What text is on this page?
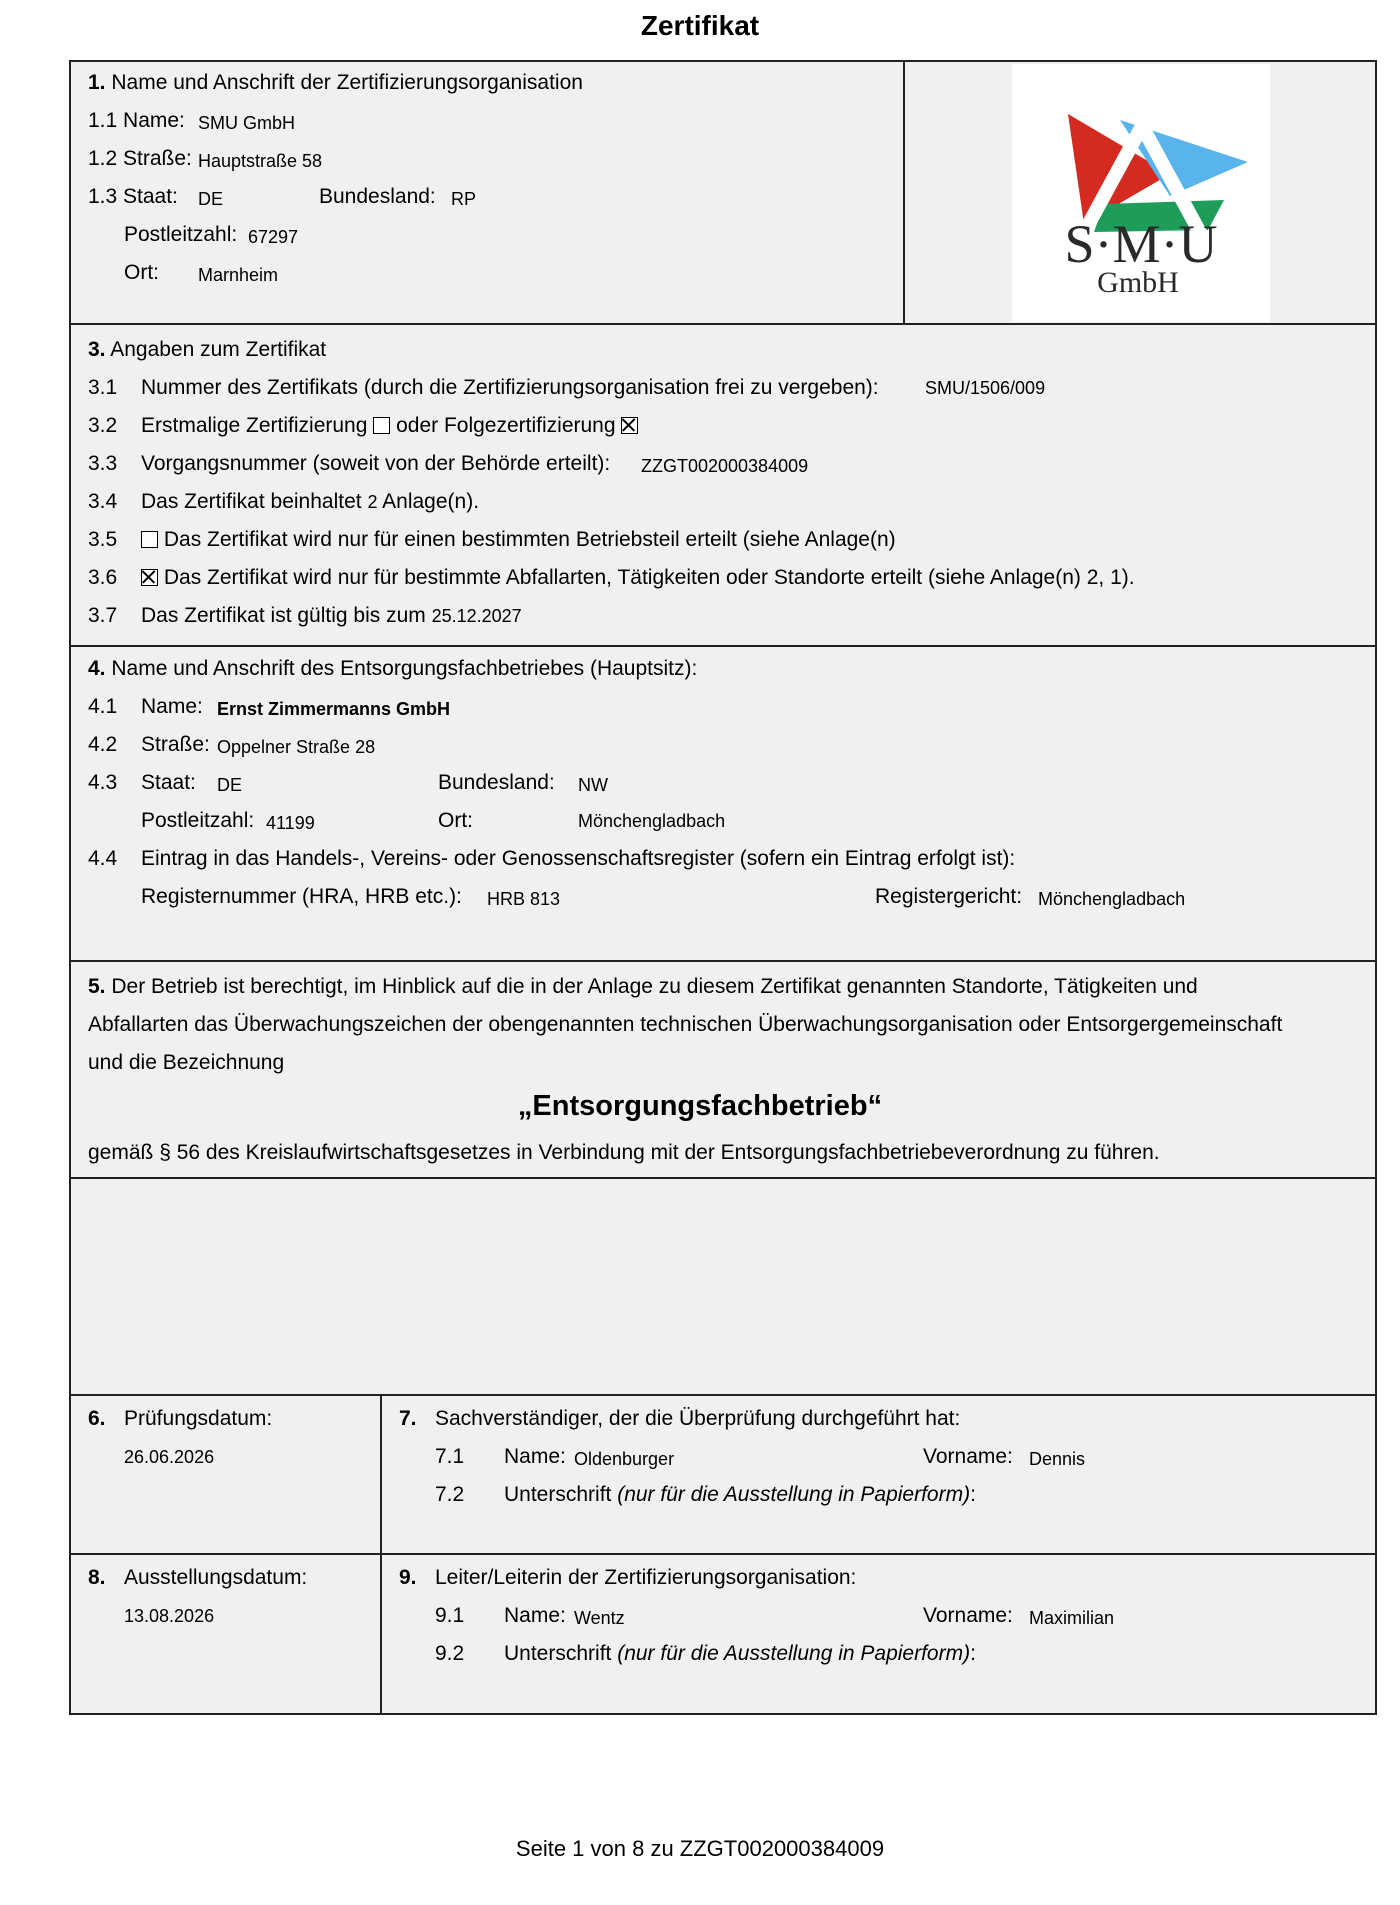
Zertifikat
1. Name und Anschrift der Zertifizierungsorganisation
1.1 Name: SMU GmbH
1.2 Straße: Hauptstraße 58
1.3 Staat: DE	Bundesland: RP
Postleitzahl: 67297
Ort: Marnheim
S·M·U
GmbH
3. Angaben zum Zertifikat
3.1 Nummer des Zertifikats (durch die Zertifizierungsorganisation frei zu vergeben):	SMU/1506/009
3.2 Erstmalige Zertifizierung oder Folgezertifizierung
3.3 Vorgangsnummer (soweit von der Behörde erteilt): ZZGT002000384009
3.4 Das Zertifikat beinhaltet 2 Anlage(n).
3.5	Das Zertifikat wird nur für einen bestimmten Betriebsteil erteilt (siehe Anlage(n)
3.6	Das Zertifikat wird nur für bestimmte Abfallarten, Tätigkeiten oder Standorte erteilt (siehe Anlage(n) 2, 1).
3.7 Das Zertifikat ist gültig bis zum 25.12.2027
4. Name und Anschrift des Entsorgungsfachbetriebes (Hauptsitz):
4.1 Name: Ernst Zimmermanns GmbH
4.2 Straße: Oppelner Straße 28
4.3 Staat: DE	Bundesland: NW
Postleitzahl: 41199	Ort:	Mönchengladbach
4.4 Eintrag in das Handels-, Vereins- oder Genossenschaftsregister (sofern ein Eintrag erfolgt ist):
Registernummer (HRA, HRB etc.): HRB 813	Registergericht: Mönchengladbach
5. Der Betrieb ist berechtigt, im Hinblick auf die in der Anlage zu diesem Zertifikat genannten Standorte, Tätigkeiten und
Abfallarten das Überwachungszeichen der obengenannten technischen Überwachungsorganisation oder Entsorgergemeinschaft
und die Bezeichnung
„Entsorgungsfachbetrieb“
gemäß § 56 des Kreislaufwirtschaftsgesetzes in Verbindung mit der Entsorgungsfachbetriebeverordnung zu führen.
6. Prüfungsdatum:
26.06.2026
7. Sachverständiger, der die Überprüfung durchgeführt hat:
7.1 Name: Oldenburger	Vorname: Dennis
7.2 Unterschrift (nur für die Ausstellung in Papierform):
8. Ausstellungsdatum:
13.08.2026
9. Leiter/Leiterin der Zertifizierungsorganisation:
9.1 Name: Wentz	Vorname: Maximilian
9.2 Unterschrift (nur für die Ausstellung in Papierform):
Seite 1 von 8 zu ZZGT002000384009
